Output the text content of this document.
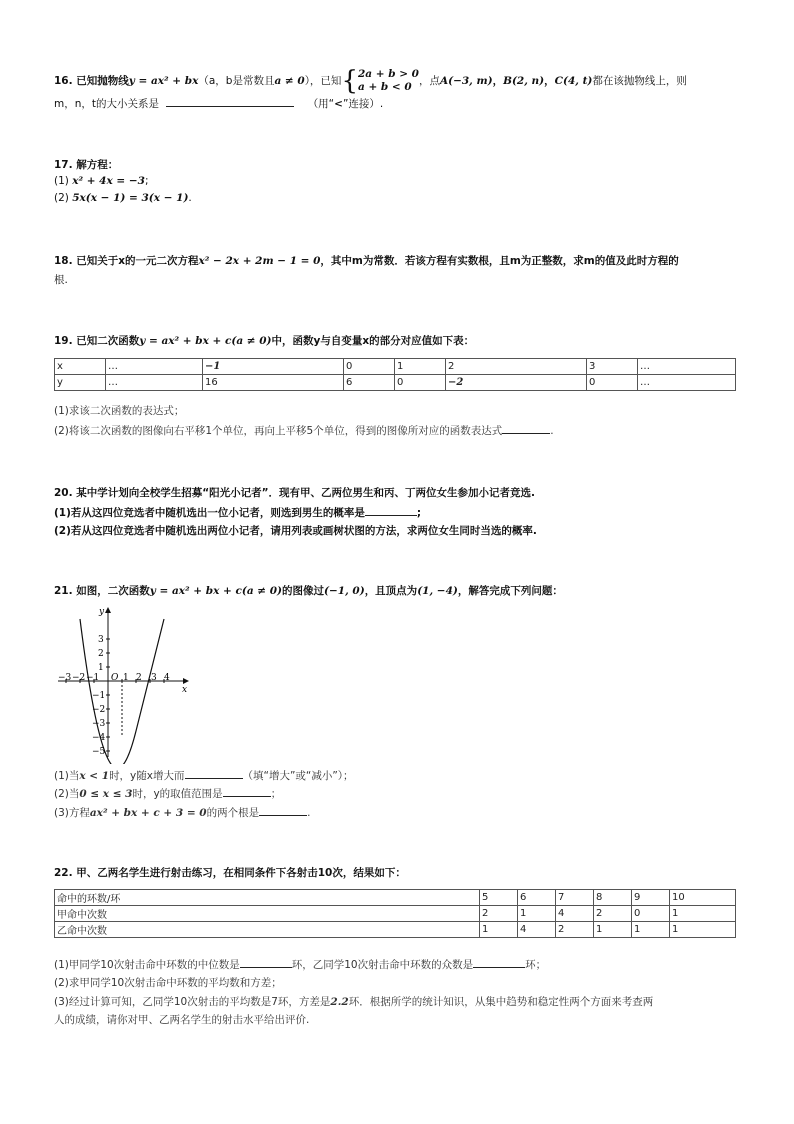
16. 已知抛物线y = ax² + bx（a，b是常数且a ≠ 0），已知{2a + b > 0
a + b < 0 ，点A(−3, m)，B(2, n)，C(4, t)都在该抛物线上，则
m，n，t的大小关系是	（用“<”连接）.
17. 解方程：
(1) x² + 4x = −3;
(2) 5x(x − 1) = 3(x − 1).
18. 已知关于x的一元二次方程x² − 2x + 2m − 1 = 0，其中m为常数．若该方程有实数根，且m为正整数，求m的值及此时方程的
根.
19. 已知二次函数y = ax² + bx + c(a ≠ 0)中，函数y与自变量x的部分对应值如下表：
x	…	−1	0	1	2	3	…
y	…	16	6	0	−2	0	…
(1)求该二次函数的表达式；
(2)将该二次函数的图像向右平移1个单位，再向上平移5个单位，得到的图像所对应的函数表达式	.
20. 某中学计划向全校学生招募“阳光小记者”．现有甲、乙两位男生和丙、丁两位女生参加小记者竞选.
(1)若从这四位竞选者中随机选出一位小记者，则选到男生的概率是	;
(2)若从这四位竞选者中随机选出两位小记者，请用列表或画树状图的方法，求两位女生同时当选的概率.
21. 如图，二次函数y = ax² + bx + c(a ≠ 0)的图像过(−1, 0)，且顶点为(1, −4)，解答完成下列问题：
y
x
O
−3 −2 −1	1 2 3 4
3
2
1
−1
−2
−3
−4
−5
(1)当x < 1时，y随x增大而	（填“增大”或“减小”）；
(2)当0 ≤ x ≤ 3时，y的取值范围是	；
(3)方程ax² + bx + c + 3 = 0的两个根是	.
22. 甲、乙两名学生进行射击练习，在相同条件下各射击10次，结果如下：
命中的环数/环	5	6	7	8	9	10
甲命中次数	2	1	4	2	0	1
乙命中次数	1	4	2	1	1	1
(1)甲同学10次射击命中环数的中位数是	环，乙同学10次射击命中环数的众数是	环；
(2)求甲同学10次射击命中环数的平均数和方差；
(3)经过计算可知，乙同学10次射击的平均数是7环，方差是2.2环．根据所学的统计知识，从集中趋势和稳定性两个方面来考查两
人的成绩，请你对甲、乙两名学生的射击水平给出评价.
